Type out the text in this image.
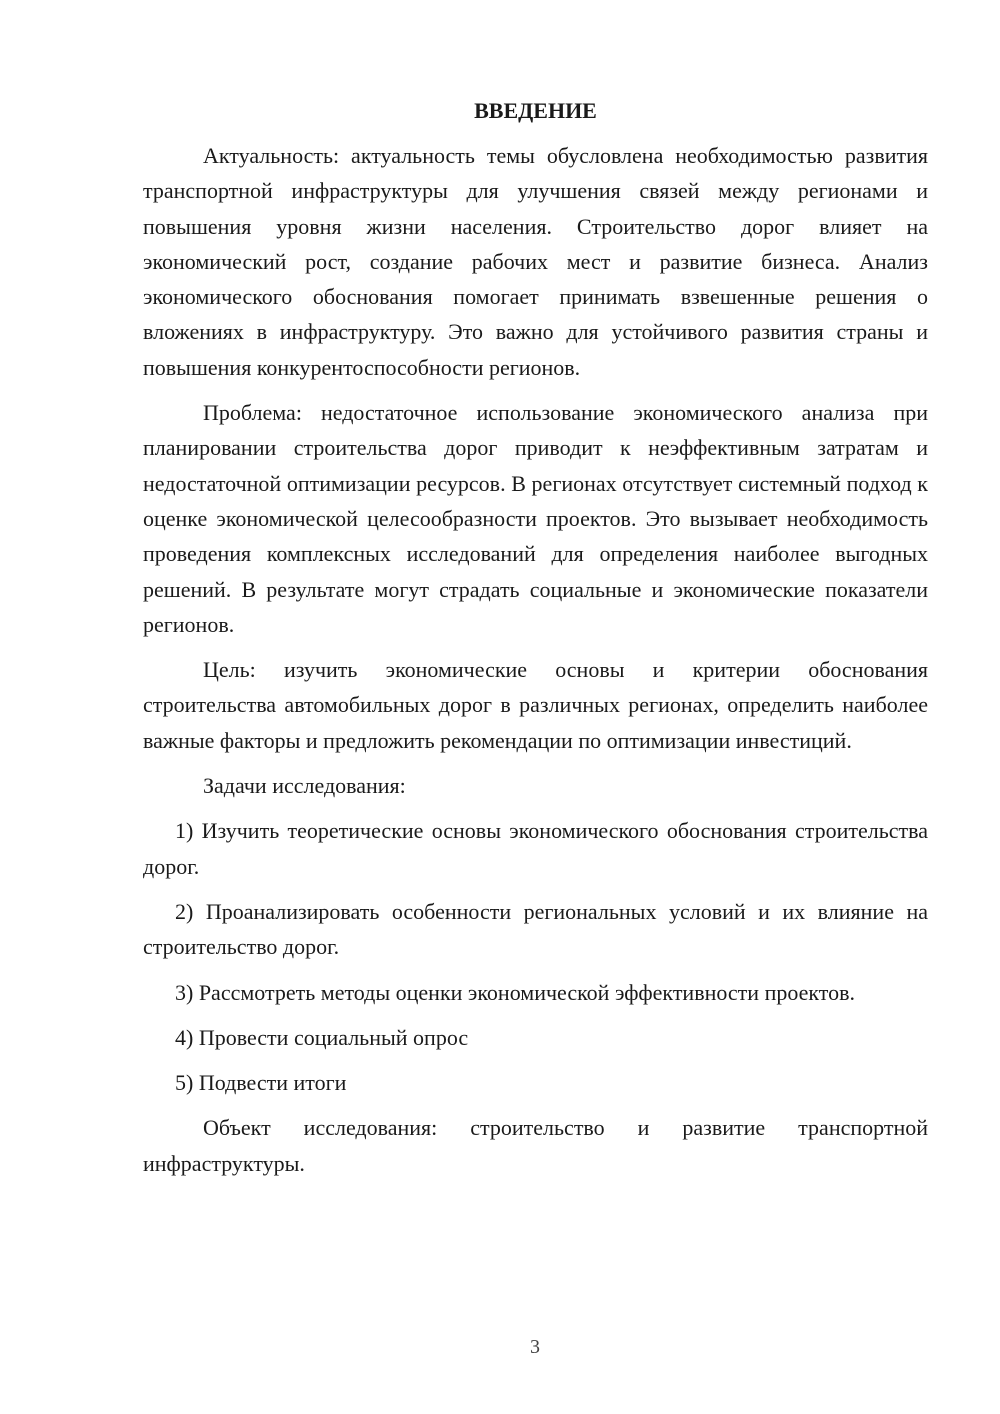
ВВЕДЕНИЕ

Актуальность: актуальность темы обусловлена необходимостью развития транспортной инфраструктуры для улучшения связей между регионами и повышения уровня жизни населения. Строительство дорог влияет на экономический рост, создание рабочих мест и развитие бизнеса. Анализ экономического обоснования помогает принимать взвешенные решения о вложениях в инфраструктуру. Это важно для устойчивого развития страны и повышения конкурентоспособности регионов.

Проблема: недостаточное использование экономического анализа при планировании строительства дорог приводит к неэффективным затратам и недостаточной оптимизации ресурсов. В регионах отсутствует системный подход к оценке экономической целесообразности проектов. Это вызывает необходимость проведения комплексных исследований для определения наиболее выгодных решений. В результате могут страдать социальные и экономические показатели регионов.

Цель: изучить экономические основы и критерии обоснования строительства автомобильных дорог в различных регионах, определить наиболее важные факторы и предложить рекомендации по оптимизации инвестиций.

Задачи исследования:

1) Изучить теоретические основы экономического обоснования строительства дорог.

2) Проанализировать особенности региональных условий и их влияние на строительство дорог.

3) Рассмотреть методы оценки экономической эффективности проектов.

4) Провести социальный опрос

5) Подвести итоги

Объект исследования: строительство и развитие транспортной инфраструктуры.

3
